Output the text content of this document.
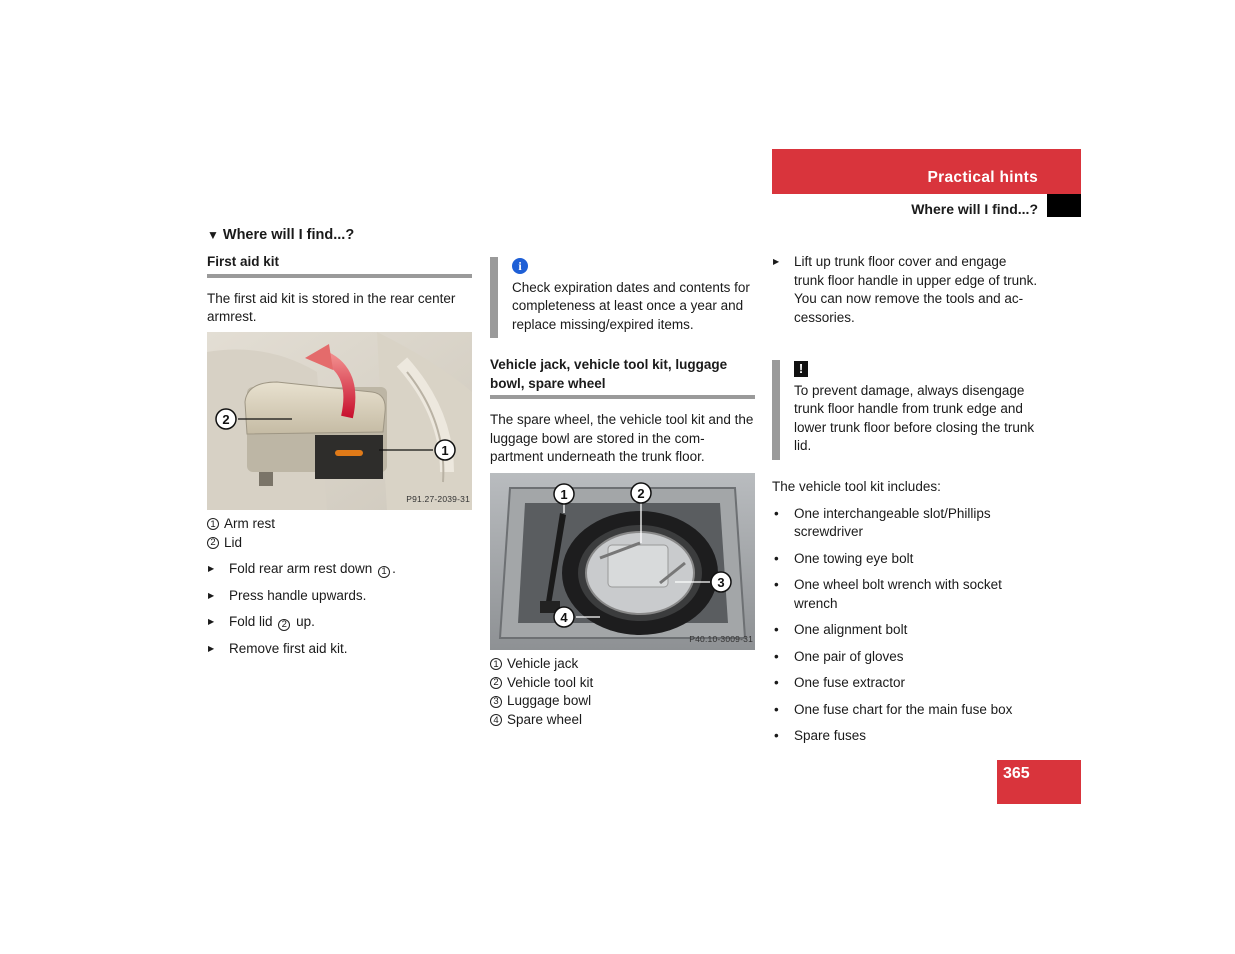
Practical hints
Where will I find...?
▼ Where will I find...?
First aid kit

The first aid kit is stored in the rear center armrest.

2
1
P91.27-2039-31
1 Arm rest
2 Lid
▶ Fold rear arm rest down 1 .
▶ Press handle upwards.
▶ Fold lid 2 up.
▶ Remove first aid kit.
i

Check expiration dates and contents for completeness at least once a year and replace missing/expired items.

Vehicle jack, vehicle tool kit, luggage bowl, spare wheel

The spare wheel, the vehicle tool kit and the luggage bowl are stored in the com-partment underneath the trunk floor.

1	2
3
4
P40.10-3009-31
1 Vehicle jack
2 Vehicle tool kit
3 Luggage bowl
4 Spare wheel
▶ Lift up trunk floor cover and engage trunk floor handle in upper edge of trunk.
You can now remove the tools and ac-cessories.
!

To prevent damage, always disengage trunk floor handle from trunk edge and lower trunk floor before closing the trunk lid.

The vehicle tool kit includes:

• One interchangeable slot/Phillips screwdriver
• One towing eye bolt
• One wheel bolt wrench with socket wrench
• One alignment bolt
• One pair of gloves
• One fuse extractor
• One fuse chart for the main fuse box
• Spare fuses
365
